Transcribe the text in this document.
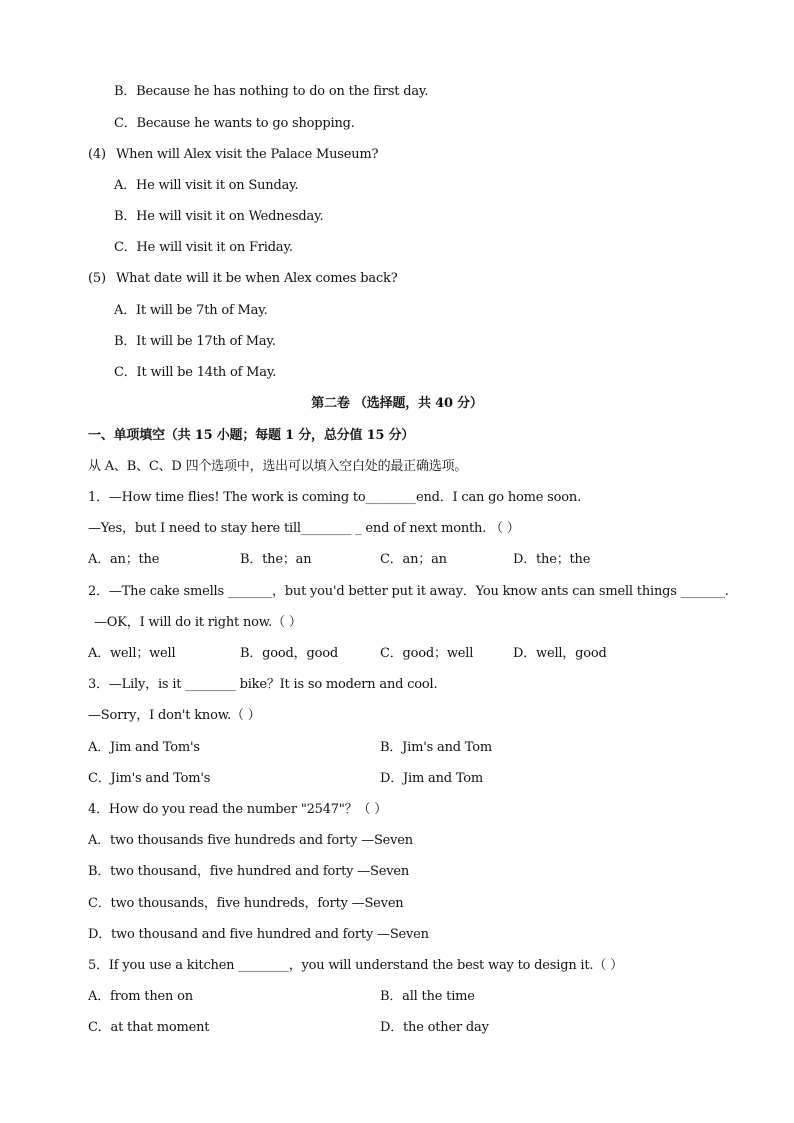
B．Because he has nothing to do on the first day.
C．Because he wants to go shopping.
(4) When will Alex visit the Palace Museum?
A．He will visit it on Sunday.
B．He will visit it on Wednesday.
C．He will visit it on Friday.
(5) What date will it be when Alex comes back?
A．It will be 7th of May.
B．It will be 17th of May.
C．It will be 14th of May.
第二卷 （选择题，共 40 分）
一、单项填空（共 15 小题；每题 1 分，总分值 15 分）
从 A、B、C、D 四个选项中，选出可以填入空白处的最正确选项。
1．—How time flies! The work is coming to________end．I can go home soon.
—Yes，but I need to stay here till________ _ end of next month. （ ）
A．an；the	B．the；an	C．an；an	D．the；the
2．—The cake smells _______，but you'd better put it away．You know ants can smell things _______.
—OK，I will do it right now.（ ）
A．well；well	B．good，good	C．good；well	D．well，good
3．—Lily，is it ________ bike？It is so modern and cool.
—Sorry，I don't know.（ ）
A．Jim and Tom's	B．Jim's and Tom
C．Jim's and Tom's	D．Jim and Tom
4．How do you read the number "2547"？（ ）
A．two thousands five hundreds and forty —Seven
B．two thousand，five hundred and forty —Seven
C．two thousands，five hundreds，forty —Seven
D．two thousand and five hundred and forty —Seven
5．If you use a kitchen ________，you will understand the best way to design it.（ ）
A．from then on	B．all the time
C．at that moment	D．the other day
